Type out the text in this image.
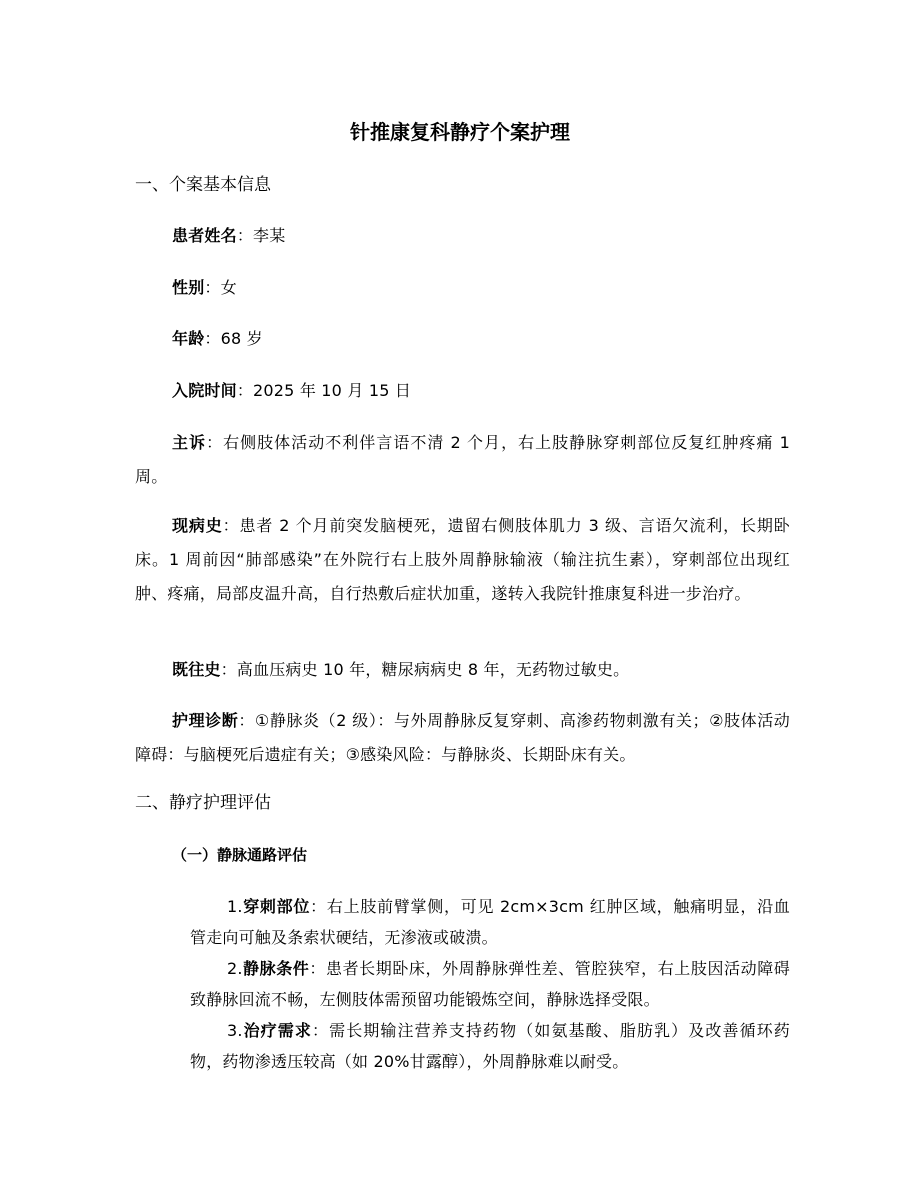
针推康复科静疗个案护理
一、个案基本信息

患者姓名：李某

性别：女

年龄：68 岁

入院时间：2025 年 10 月 15 日

主诉：右侧肢体活动不利伴言语不清 2 个月，右上肢静脉穿刺部位反复红肿疼痛 1 周。

现病史：患者 2 个月前突发脑梗死，遗留右侧肢体肌力 3 级、言语欠流利，长期卧床。1 周前因“肺部感染”在外院行右上肢外周静脉输液（输注抗生素），穿刺部位出现红肿、疼痛，局部皮温升高，自行热敷后症状加重，遂转入我院针推康复科进一步治疗。

既往史：高血压病史 10 年，糖尿病病史 8 年，无药物过敏史。

护理诊断：①静脉炎（2 级）：与外周静脉反复穿刺、高渗药物刺激有关；②肢体活动障碍：与脑梗死后遗症有关；③感染风险：与静脉炎、长期卧床有关。

二、静疗护理评估
（一）静脉通路评估

1.穿刺部位：右上肢前臂掌侧，可见 2cm×3cm 红肿区域，触痛明显，沿血管走向可触及条索状硬结，无渗液或破溃。

2.静脉条件：患者长期卧床，外周静脉弹性差、管腔狭窄，右上肢因活动障碍致静脉回流不畅，左侧肢体需预留功能锻炼空间，静脉选择受限。

3.治疗需求：需长期输注营养支持药物（如氨基酸、脂肪乳）及改善循环药物，药物渗透压较高（如 20%甘露醇），外周静脉难以耐受。
